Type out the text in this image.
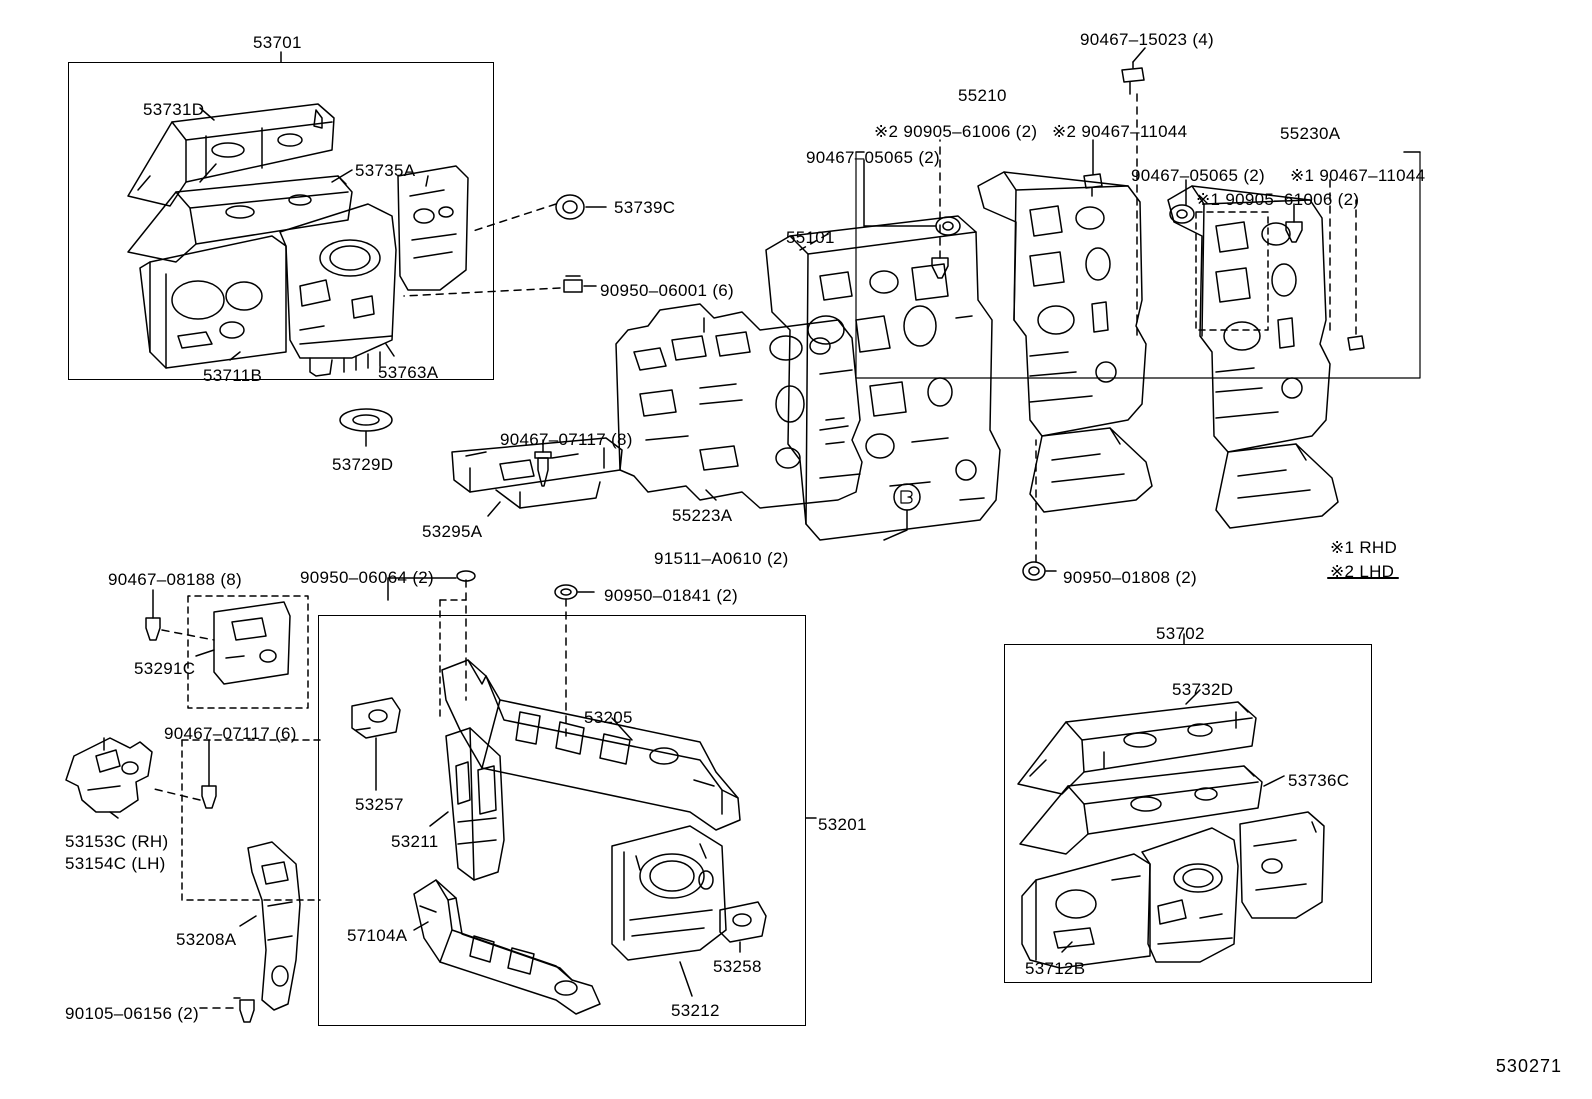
53701
53731D
53735A
53739C
90950–06001 (6)
53711B	53763A
53729D
90467–07117 (8)
53295A
55223A
91511–A0610 (2)
90950–01808 (2)
55101
90467–05065 (2)
※2 90905–61006 (2) ※2 90467–11044
55210
90467–15023 (4)
90467–05065 (2) ※1 90467–11044
※1 90905–61006 (2)
55230A
※1 RHD
※2 LHD
53702
53732D
53736C
53712B
90467–08188 (8)
53291C
90950–06064 (2)
90950–01841 (2)
90467–07117 (6)
53153C (RH)
53154C (LH)
53208A
90105–06156 (2)
53257
53211
53205
53201
57104A
53258
53212
530271
